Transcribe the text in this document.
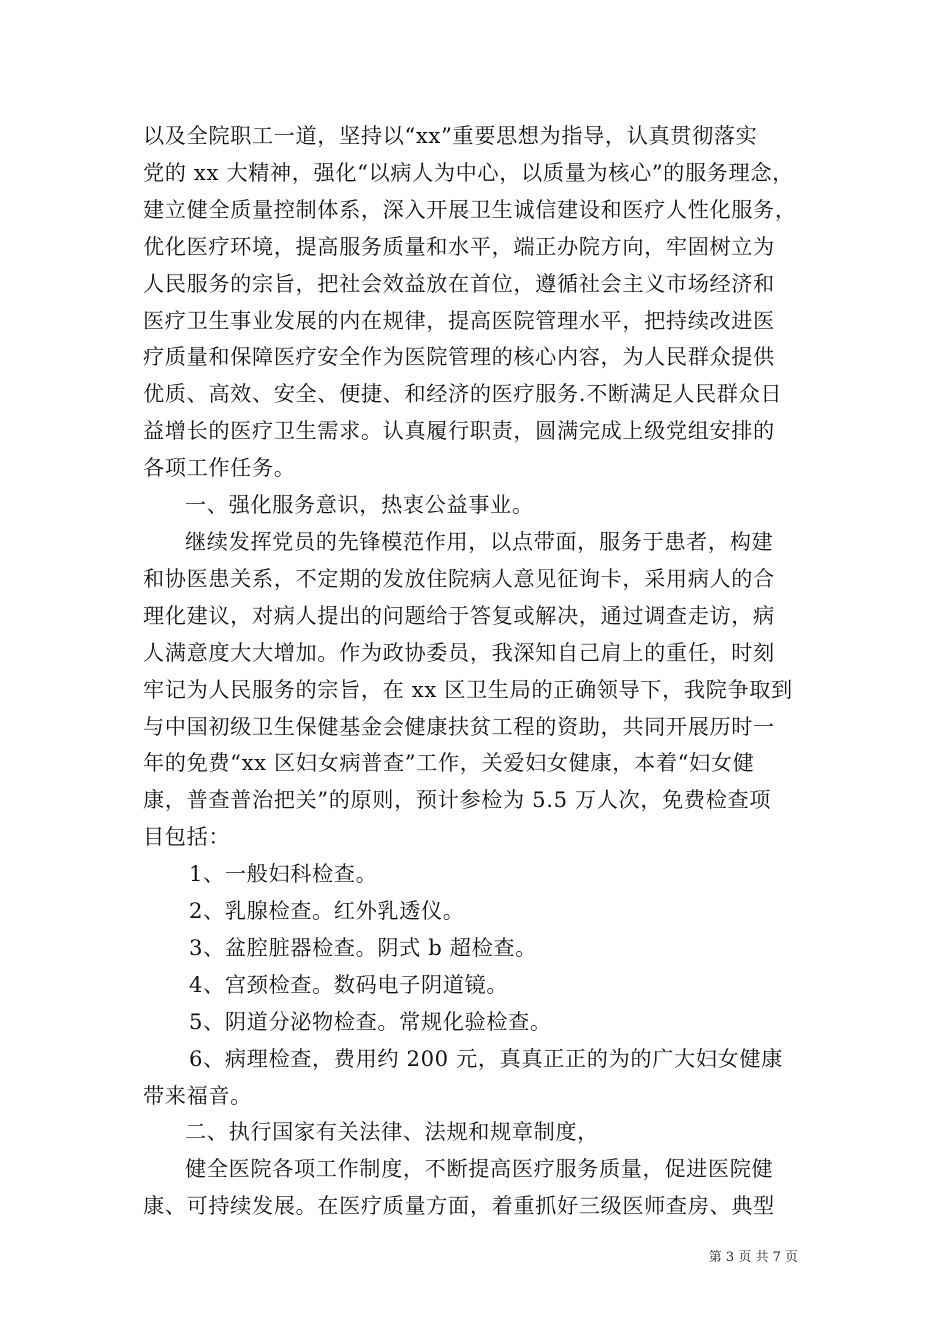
以及全院职工一道，坚持以“xx”重要思想为指导，认真贯彻落实

党的 xx 大精神，强化“以病人为中心，以质量为核心”的服务理念，

建立健全质量控制体系，深入开展卫生诚信建设和医疗人性化服务，

优化医疗环境，提高服务质量和水平，端正办院方向，牢固树立为

人民服务的宗旨，把社会效益放在首位，遵循社会主义市场经济和

医疗卫生事业发展的内在规律，提高医院管理水平，把持续改进医

疗质量和保障医疗安全作为医院管理的核心内容，为人民群众提供

优质、高效、安全、便捷、和经济的医疗服务.不断满足人民群众日

益增长的医疗卫生需求。认真履行职责，圆满完成上级党组安排的

各项工作任务。

一、强化服务意识，热衷公益事业。

继续发挥党员的先锋模范作用，以点带面，服务于患者，构建

和协医患关系，不定期的发放住院病人意见征询卡，采用病人的合

理化建议，对病人提出的问题给于答复或解决，通过调查走访，病

人满意度大大增加。作为政协委员，我深知自己肩上的重任，时刻

牢记为人民服务的宗旨，在 xx 区卫生局的正确领导下，我院争取到

与中国初级卫生保健基金会健康扶贫工程的资助，共同开展历时一

年的免费“xx 区妇女病普查”工作，关爱妇女健康，本着“妇女健

康，普查普治把关”的原则，预计参检为 5.5 万人次，免费检查项

目包括：

1、一般妇科检查。

2、乳腺检查。红外乳透仪。

3、盆腔脏器检查。阴式 b 超检查。

4、宫颈检查。数码电子阴道镜。

5、阴道分泌物检查。常规化验检查。

6、病理检查，费用约 200 元，真真正正的为的广大妇女健康

带来福音。

二、执行国家有关法律、法规和规章制度，

健全医院各项工作制度，不断提高医疗服务质量，促进医院健

康、可持续发展。在医疗质量方面，着重抓好三级医师查房、典型

第 3 页 共 7 页
